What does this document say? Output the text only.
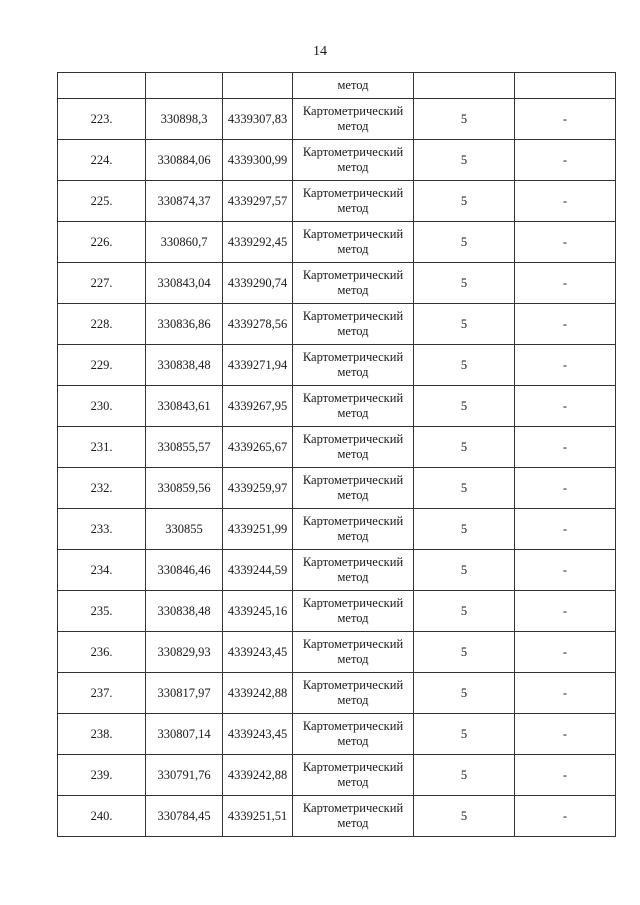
14
			метод		
223.	330898,3	4339307,83	Картометрический
метод	5	-
224.	330884,06	4339300,99	Картометрический
метод	5	-
225.	330874,37	4339297,57	Картометрический
метод	5	-
226.	330860,7	4339292,45	Картометрический
метод	5	-
227.	330843,04	4339290,74	Картометрический
метод	5	-
228.	330836,86	4339278,56	Картометрический
метод	5	-
229.	330838,48	4339271,94	Картометрический
метод	5	-
230.	330843,61	4339267,95	Картометрический
метод	5	-
231.	330855,57	4339265,67	Картометрический
метод	5	-
232.	330859,56	4339259,97	Картометрический
метод	5	-
233.	330855	4339251,99	Картометрический
метод	5	-
234.	330846,46	4339244,59	Картометрический
метод	5	-
235.	330838,48	4339245,16	Картометрический
метод	5	-
236.	330829,93	4339243,45	Картометрический
метод	5	-
237.	330817,97	4339242,88	Картометрический
метод	5	-
238.	330807,14	4339243,45	Картометрический
метод	5	-
239.	330791,76	4339242,88	Картометрический
метод	5	-
240.	330784,45	4339251,51	Картометрический
метод	5	-
